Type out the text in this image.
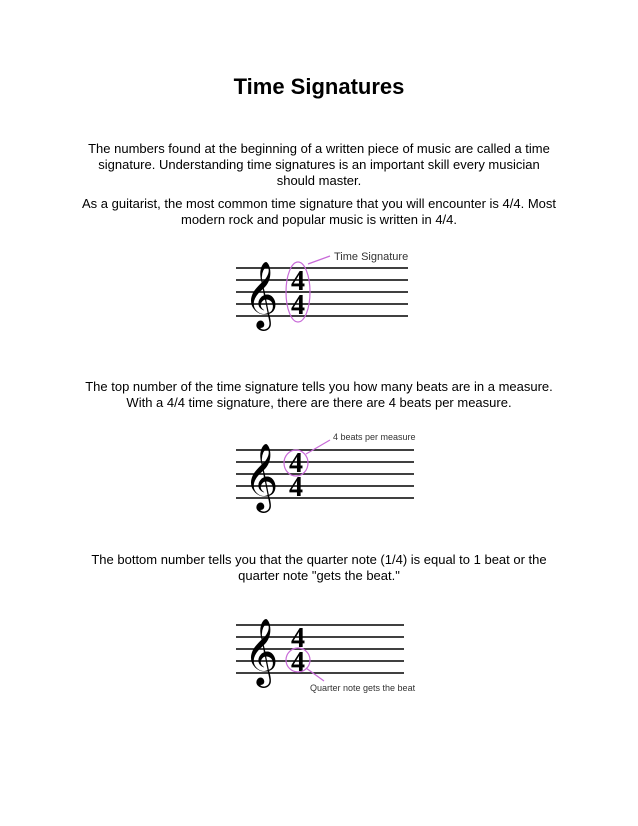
Time Signatures

The numbers found at the beginning of a written piece of music are called a time signature. Understanding time signatures is an important skill every musician should master.

As a guitarist, the most common time signature that you will encounter is 4/4. Most modern rock and popular music is written in 4/4.

𝄞 4
4
Time Signature

The top number of the time signature tells you how many beats are in a measure. With a 4/4 time signature, there are there are 4 beats per measure.

𝄞 4
4
4 beats per measure

The bottom number tells you that the quarter note (1/4) is equal to 1 beat or the quarter note "gets the beat."

𝄞 4
4
Quarter note gets the beat
